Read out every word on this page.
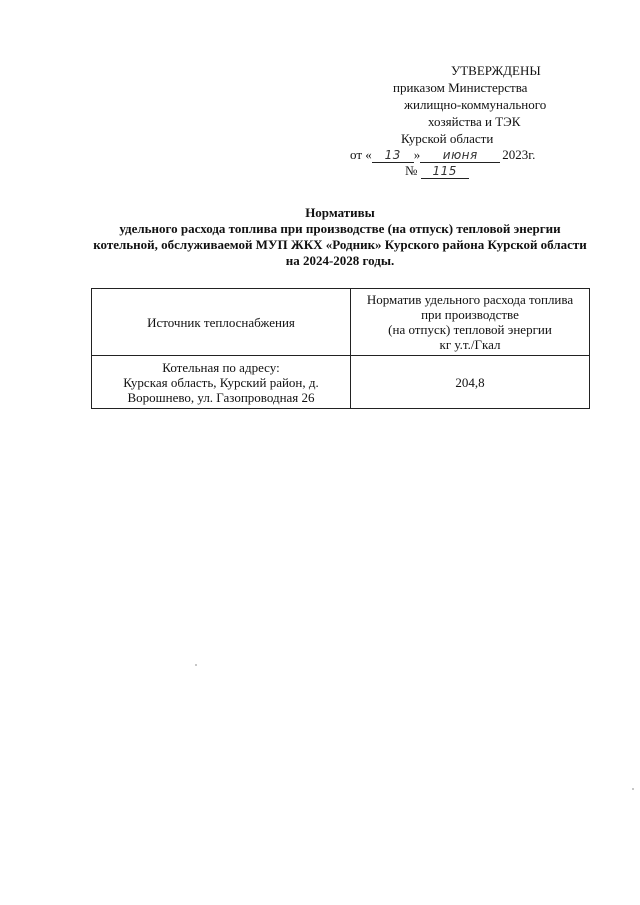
УТВЕРЖДЕНЫ
приказом Министерства
жилищно-коммунального
хозяйства и ТЭК
Курской области
от « 13 » июня 2023г.
№ 115
Нормативы
удельного расхода топлива при производстве (на отпуск) тепловой энергии котельной, обслуживаемой МУП ЖКХ «Родник» Курского района Курской области на 2024-2028 годы.
Источник теплоснабжения	Норматив удельного расхода топлива
при производстве
(на отпуск) тепловой энергии
кг у.т./Гкал

Котельная по адресу:
Курская область, Курский район, д.
Ворошнево, ул. Газопроводная 26	204,8
